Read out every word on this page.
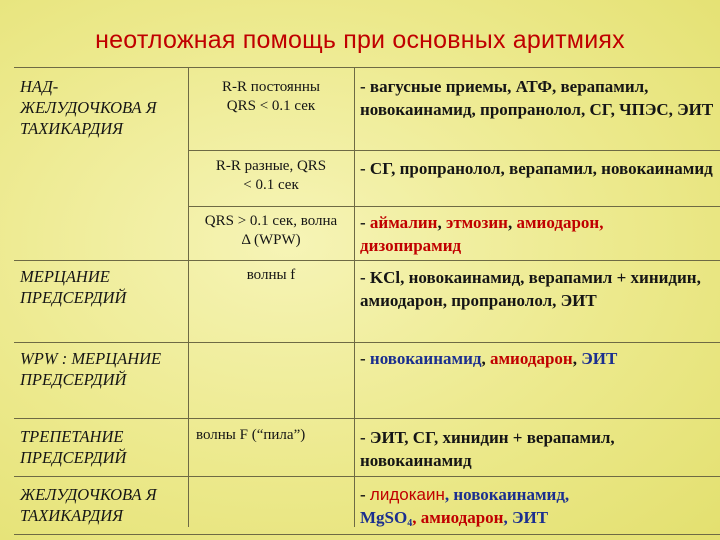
неотложная помощь при основных аритмиях
НАД-ЖЕЛУДОЧКОВА Я ТАХИКАРДИЯ
R-R постоянны QRS < 0.1 сек
- вагусные приемы, АТФ, верапамил, новокаинамид, пропранолол, СГ, ЧПЭС, ЭИТ
R-R разные, QRS < 0.1 сек
- СГ, пропранолол, верапамил, новокаинамид
QRS > 0.1 сек, волна Δ (WPW)
- аймалин, этмозин, амиодарон,
дизопирамид
МЕРЦАНИЕ ПРЕДСЕРДИЙ
волны f	- KCl, новокаинамид, верапамил + хинидин, амиодарон, пропранолол, ЭИТ
WPW : МЕРЦАНИЕ ПРЕДСЕРДИЙ
- новокаинамид, амиодарон, ЭИТ
ТРЕПЕТАНИЕ ПРЕДСЕРДИЙ
волны F (“пила”)	- ЭИТ, СГ, хинидин + верапамил, новокаинамид
ЖЕЛУДОЧКОВА Я ТАХИКАРДИЯ
- лидокаин, новокаинамид,
MgSO$_4$, амиодарон, ЭИТ
